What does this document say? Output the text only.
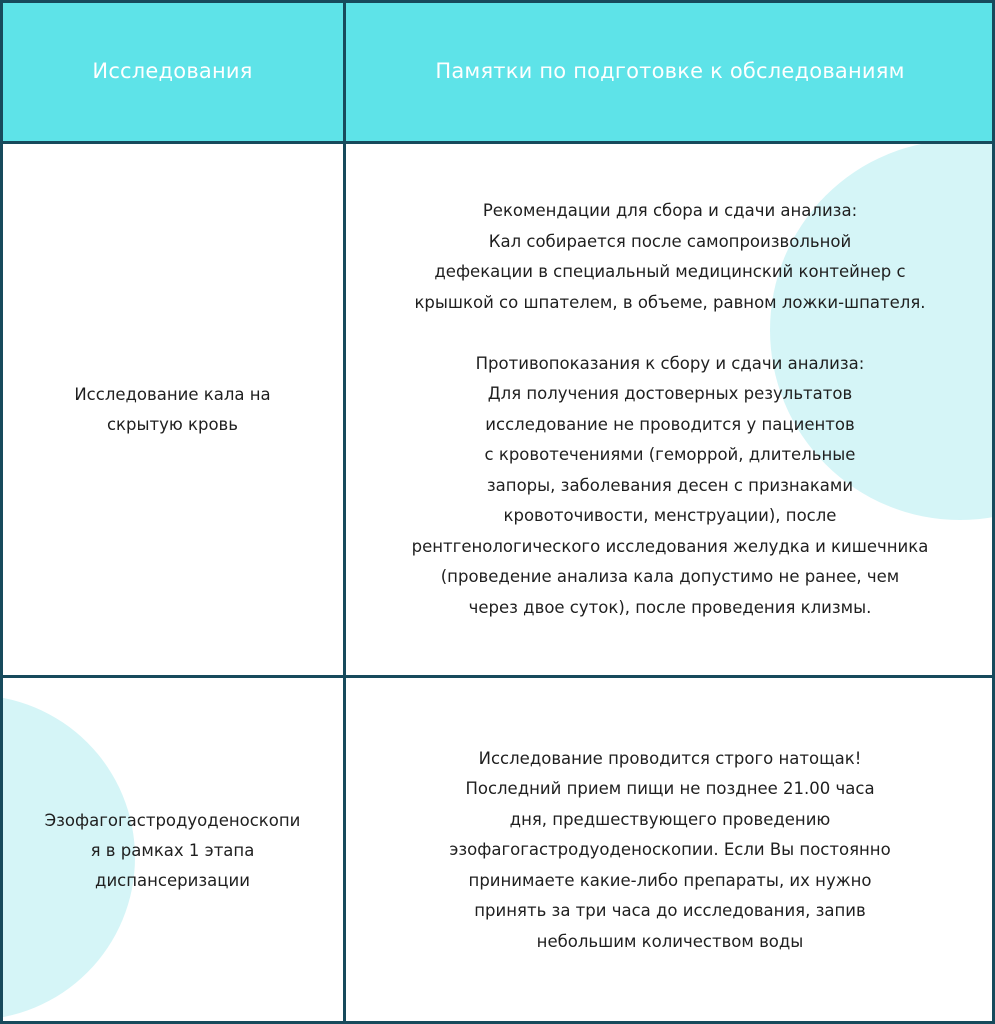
Исследования	Памятки по подготовке к обследованиям
Исследование кала на
скрытую кровь
Рекомендации для сбора и сдачи анализа:
Кал собирается после самопроизвольной
дефекации в специальный медицинский контейнер с
крышкой со шпателем, в объеме, равном ложки-шпателя.
Противопоказания к сбору и сдачи анализа:
Для получения достоверных результатов
исследование не проводится у пациентов
с кровотечениями (геморрой, длительные
запоры, заболевания десен с признаками
кровоточивости, менструации), после
рентгенологического исследования желудка и кишечника
(проведение анализа кала допустимо не ранее, чем
через двое суток), после проведения клизмы.
Эзофагогастродуоденоскопи
я в рамках 1 этапа
диспансеризации
Исследование проводится строго натощак!
Последний прием пищи не позднее 21.00 часа
дня, предшествующего проведению
эзофагогастродуоденоскопии. Если Вы постоянно
принимаете какие-либо препараты, их нужно
принять за три часа до исследования, запив
небольшим количеством воды
